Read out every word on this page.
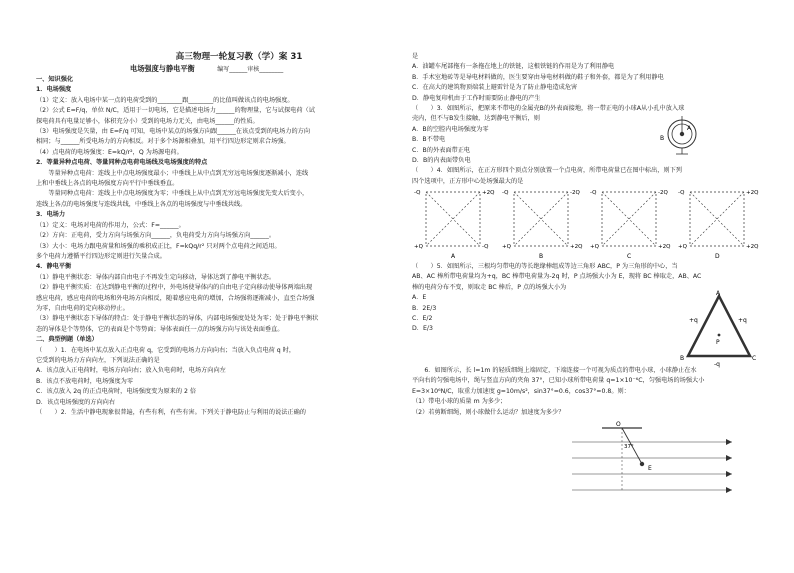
高三物理一轮复习教（学）案 31
电场强度与静电平衡	编写______审核________
一、知识强化
1．电场强度
（1）定义：放入电场中某一点的电荷受到的________跟________的比值叫做该点的电场强度。
（2）公式 E=F/q，单位 N/C，适用于一切电场，它是描述电场力______的物理量，它与试探电荷（试
探电荷具有电量足够小，体积充分小）受到的电场力无关，由电场______的性质。
（3）电场强度是矢量，由 E=F/q 可知，电场中某点的场强方向跟______在该点受到的电场力的方向
相同；与______所受电场力的方向相反。对于多个场源相叠加，用平行四边形定则求合场强。
（4）点电荷的电场强度：E=kQ/r²，Q 为场源电荷。
2．等量异种点电荷、等量同种点电荷电场线及电场强度的特点
　　等量异种点电荷：连线上中点电场强度最小；中垂线上从中点到无穷远电场强度逐渐减小，连线
上和中垂线上各点的电场强度方向平行中垂线垂直。
　　等量同种点电荷：连线上中点电场强度为零；中垂线上从中点到无穷远电场强度先变大后变小，
连线上各点的电场强度与连线共线，中垂线上各点的电场强度与中垂线共线。
3．电场力
（1）定义：电场对电荷的作用力，公式：F=______。
（2）方向：正电荷，受力方向与场强方向______，负电荷受力方向与场强方向______。
（3）大小：电场力跟电荷量和场强的乘积成正比，F=kQq/r² 只对两个点电荷之间适用。
多个电荷力遵循平行四边形定则进行矢量合成。
4．静电平衡
（1）静电平衡状态：导体内部自由电子不再发生定向移动，导体达到了静电平衡状态。
（2）静电平衡实质：在达到静电平衡的过程中，外电场使导体内的自由电子定向移动使导体两端出现
感应电荷，感应电荷的电场和外电场方向相反，随着感应电荷的增加，合场强将逐渐减小，直至合场强
为零，自由电荷的定向移动停止。
（3）静电平衡状态下导体的特点：处于静电平衡状态的导体，内部电场强度处处为零；处于静电平衡状
态的导体是个等势体，它的表面是个等势面；导体表面任一点的场强方向与该处表面垂直。
二、典型例题（单选）
（　　）1．在电场中某点放入正点电荷 q，它受到的电场力方向向右；当放入负点电荷 q 时，
它受到的电场力方向向左，下列说法正确的是
A．该点放入正电荷时，电场方向向右；放入负电荷时，电场方向向左
B．该点不放电荷时，电场强度为零
C．该点放入 2q 的正点电荷时，电场强度变为原来的 2 倍
D．该点电场强度的方向向右
（　　）2．生活中静电现象很普遍，有些有利，有些有害。下列关于静电防止与利用的说法正确的
是
A．油罐车尾部拖有一条拖在地上的铁链，这根铁链的作用是为了利用静电
B．手术室地砖等是导电材料做的，医生要穿由导电材料做的鞋子和外套，都是为了利用静电
C．在高大的建筑物顶端装上避雷针是为了防止静电造成危害
D．静电复印机由于工作时需要防止静电的产生
（　　）3．如图所示，把原来不带电的金属壳B的外表面接地，将一带正电的小球A从小孔中放入球
壳内，但不与B发生接触，达到静电平衡后，则
A．B的空腔内电场强度为零
B．B不带电
C．B的外表面带正电
D．B的内表面带负电
（　　）4．如图所示，在正方形四个顶点分别放置一个点电荷，所带电荷量已在图中标出，则下列
四个选项中，正方形中心处场强最大的是
B
A
-Q	+2Q
+Q	-Q
A
-Q	-2Q
+Q	+2Q
B
-Q	-2Q
+Q	+2Q
C
-Q	+2Q
+Q	+2Q
D
（　　）5．如图所示，三根均匀带电的等长绝缘棒组成等边三角形 ABC，P 为三角形的中心，当
AB、AC 棒所带电荷量均为+q，BC 棒带电荷量为-2q 时，P 点场强大小为 E，现将 BC 棒取走，AB、AC
棒的电荷分布不变，则取走 BC 棒后，P 点的场强大小为
A．E
B．2E/3
C．E/2
D．E/3
A
B	C
P
+q	+q
-q
　　6．如图所示，长 l=1m 的轻质细绳上端固定，下端连接一个可视为质点的带电小球，小球静止在水
平向右的匀强电场中，绳与竖直方向的夹角 37°，已知小球所带电荷量 q=1×10⁻⁶C，匀强电场的场强大小
E=3×10⁶N/C，取重力加速度 g=10m/s²，sin37°=0.6，cos37°=0.8。则：
（1）带电小球的质量 m 为多少；
（2）若剪断细绳，则小球做什么运动？加速度为多少？
O
37°
E
